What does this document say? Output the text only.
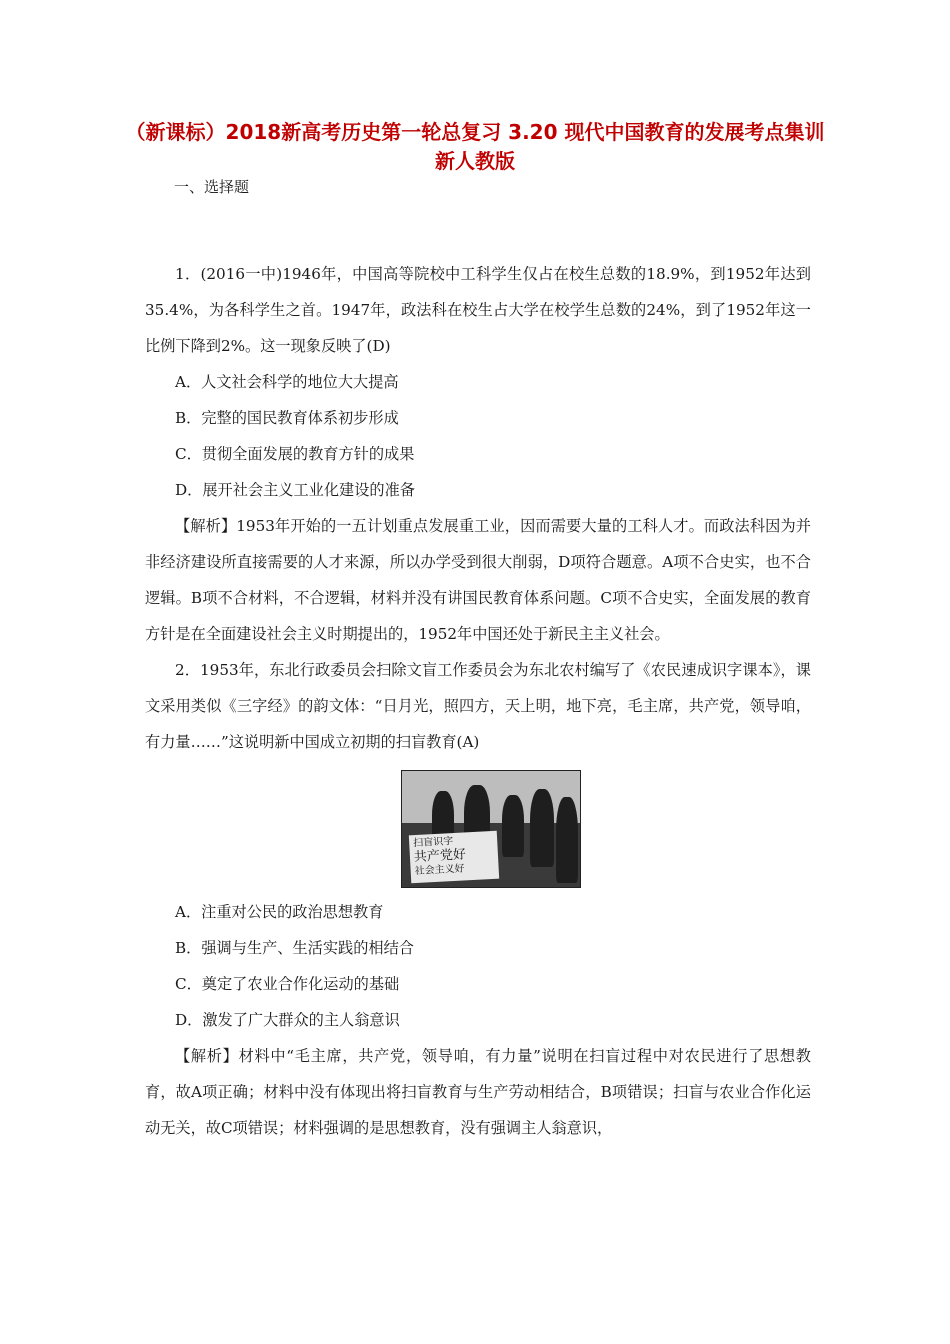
（新课标）2018新高考历史第一轮总复习 3.20 现代中国教育的发展考点集训 新人教版
一、选择题

1．(2016一中)1946年，中国高等院校中工科学生仅占在校生总数的18.9%，到1952年达到35.4%，为各科学生之首。1947年，政法科在校生占大学在校学生总数的24%，到了1952年这一比例下降到2%。这一现象反映了(D)

A．人文社会科学的地位大大提高

B．完整的国民教育体系初步形成

C．贯彻全面发展的教育方针的成果

D．展开社会主义工业化建设的准备

【解析】1953年开始的一五计划重点发展重工业，因而需要大量的工科人才。而政法科因为并非经济建设所直接需要的人才来源，所以办学受到很大削弱，D项符合题意。A项不合史实，也不合逻辑。B项不合材料，不合逻辑，材料并没有讲国民教育体系问题。C项不合史实，全面发展的教育方针是在全面建设社会主义时期提出的，1952年中国还处于新民主主义社会。

2．1953年，东北行政委员会扫除文盲工作委员会为东北农村编写了《农民速成识字课本》，课文采用类似《三字经》的韵文体：“日月光，照四方，天上明，地下亮，毛主席，共产党，领导咱，有力量……”这说明新中国成立初期的扫盲教育(A)

扫盲识字
共产党好
社会主义好

A．注重对公民的政治思想教育

B．强调与生产、生活实践的相结合

C．奠定了农业合作化运动的基础

D．激发了广大群众的主人翁意识

【解析】材料中“毛主席，共产党，领导咱，有力量”说明在扫盲过程中对农民进行了思想教育，故A项正确；材料中没有体现出将扫盲教育与生产劳动相结合，B项错误；扫盲与农业合作化运动无关，故C项错误；材料强调的是思想教育，没有强调主人翁意识，
